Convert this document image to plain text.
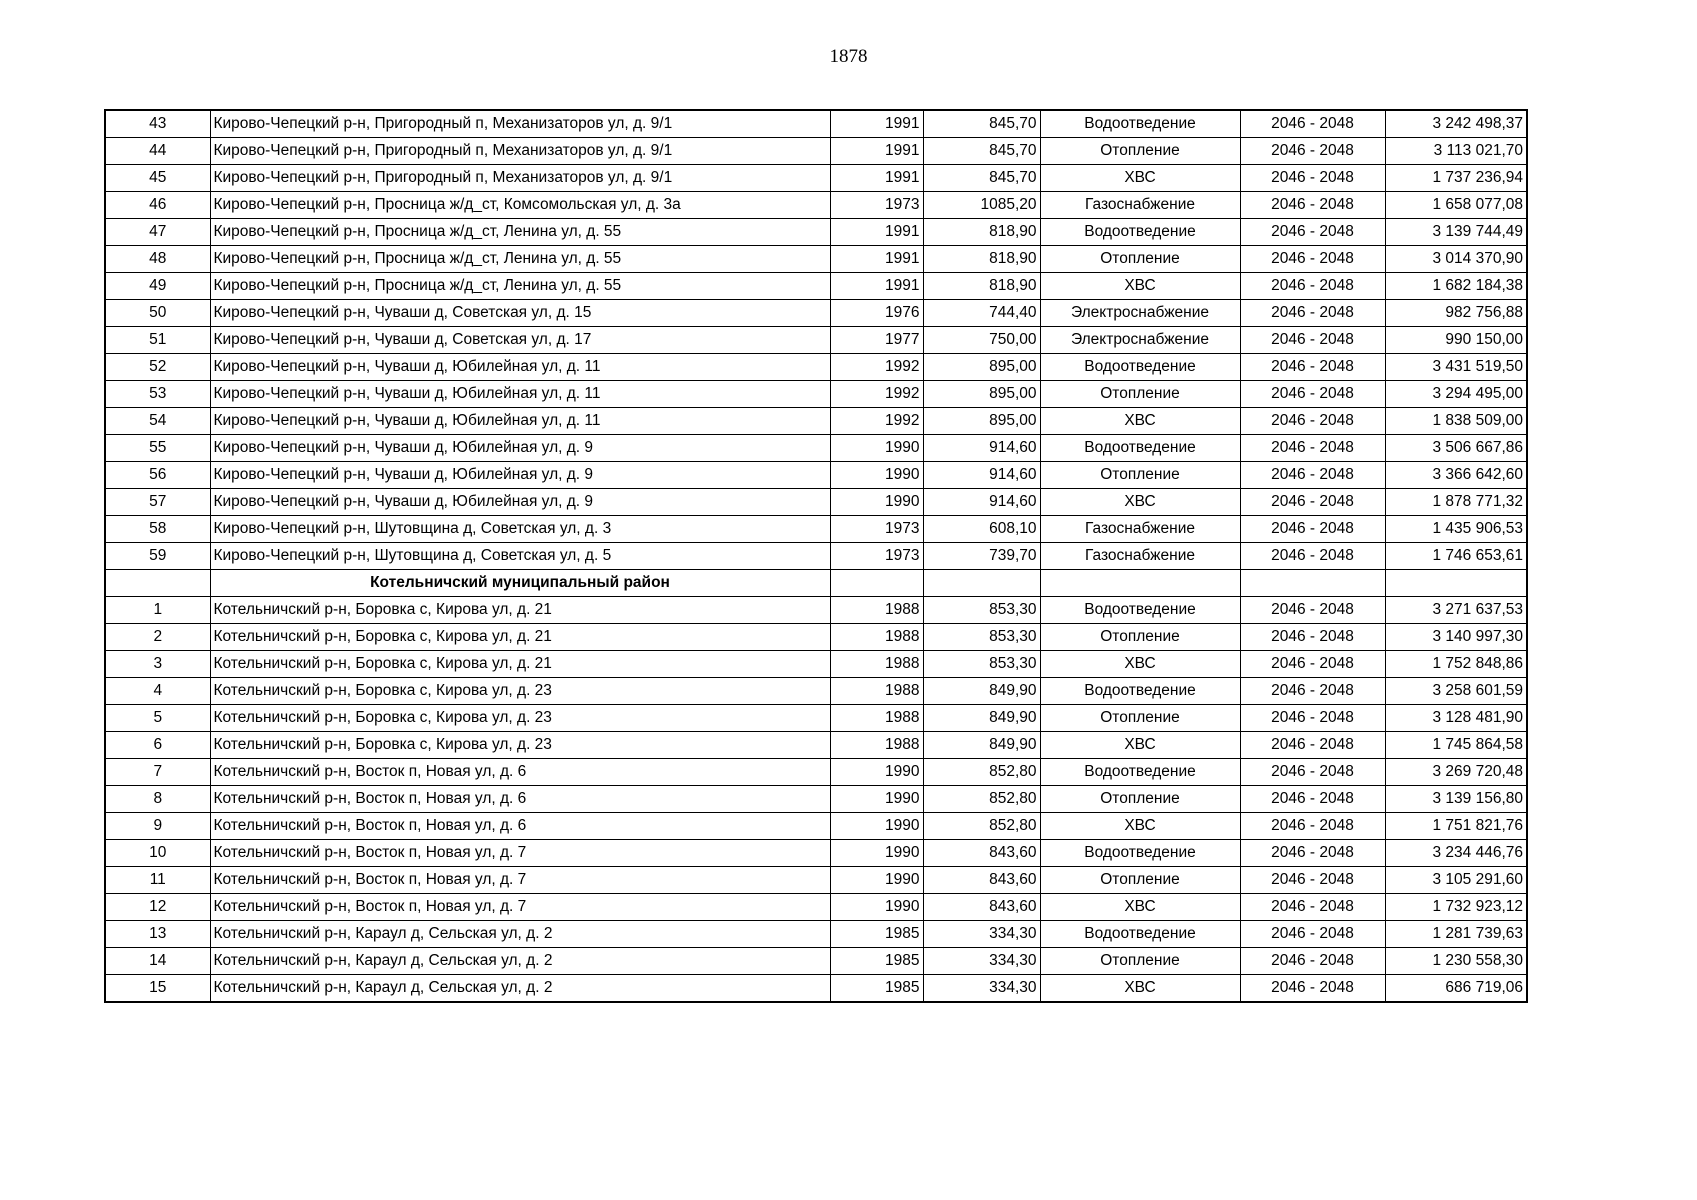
1878
43	Кирово-Чепецкий р-н, Пригородный п, Механизаторов ул, д. 9/1	1991	845,70	Водоотведение	2046 - 2048	3 242 498,37
44	Кирово-Чепецкий р-н, Пригородный п, Механизаторов ул, д. 9/1	1991	845,70	Отопление	2046 - 2048	3 113 021,70
45	Кирово-Чепецкий р-н, Пригородный п, Механизаторов ул, д. 9/1	1991	845,70	ХВС	2046 - 2048	1 737 236,94
46	Кирово-Чепецкий р-н, Просница ж/д_ст, Комсомольская ул, д. 3а	1973	1085,20	Газоснабжение	2046 - 2048	1 658 077,08
47	Кирово-Чепецкий р-н, Просница ж/д_ст, Ленина ул, д. 55	1991	818,90	Водоотведение	2046 - 2048	3 139 744,49
48	Кирово-Чепецкий р-н, Просница ж/д_ст, Ленина ул, д. 55	1991	818,90	Отопление	2046 - 2048	3 014 370,90
49	Кирово-Чепецкий р-н, Просница ж/д_ст, Ленина ул, д. 55	1991	818,90	ХВС	2046 - 2048	1 682 184,38
50	Кирово-Чепецкий р-н, Чуваши д, Советская ул, д. 15	1976	744,40	Электроснабжение	2046 - 2048	982 756,88
51	Кирово-Чепецкий р-н, Чуваши д, Советская ул, д. 17	1977	750,00	Электроснабжение	2046 - 2048	990 150,00
52	Кирово-Чепецкий р-н, Чуваши д, Юбилейная ул, д. 11	1992	895,00	Водоотведение	2046 - 2048	3 431 519,50
53	Кирово-Чепецкий р-н, Чуваши д, Юбилейная ул, д. 11	1992	895,00	Отопление	2046 - 2048	3 294 495,00
54	Кирово-Чепецкий р-н, Чуваши д, Юбилейная ул, д. 11	1992	895,00	ХВС	2046 - 2048	1 838 509,00
55	Кирово-Чепецкий р-н, Чуваши д, Юбилейная ул, д. 9	1990	914,60	Водоотведение	2046 - 2048	3 506 667,86
56	Кирово-Чепецкий р-н, Чуваши д, Юбилейная ул, д. 9	1990	914,60	Отопление	2046 - 2048	3 366 642,60
57	Кирово-Чепецкий р-н, Чуваши д, Юбилейная ул, д. 9	1990	914,60	ХВС	2046 - 2048	1 878 771,32
58	Кирово-Чепецкий р-н, Шутовщина д, Советская ул, д. 3	1973	608,10	Газоснабжение	2046 - 2048	1 435 906,53
59	Кирово-Чепецкий р-н, Шутовщина д, Советская ул, д. 5	1973	739,70	Газоснабжение	2046 - 2048	1 746 653,61
	Котельничский муниципальный район					
1	Котельничский р-н, Боровка с, Кирова ул, д. 21	1988	853,30	Водоотведение	2046 - 2048	3 271 637,53
2	Котельничский р-н, Боровка с, Кирова ул, д. 21	1988	853,30	Отопление	2046 - 2048	3 140 997,30
3	Котельничский р-н, Боровка с, Кирова ул, д. 21	1988	853,30	ХВС	2046 - 2048	1 752 848,86
4	Котельничский р-н, Боровка с, Кирова ул, д. 23	1988	849,90	Водоотведение	2046 - 2048	3 258 601,59
5	Котельничский р-н, Боровка с, Кирова ул, д. 23	1988	849,90	Отопление	2046 - 2048	3 128 481,90
6	Котельничский р-н, Боровка с, Кирова ул, д. 23	1988	849,90	ХВС	2046 - 2048	1 745 864,58
7	Котельничский р-н, Восток п, Новая ул, д. 6	1990	852,80	Водоотведение	2046 - 2048	3 269 720,48
8	Котельничский р-н, Восток п, Новая ул, д. 6	1990	852,80	Отопление	2046 - 2048	3 139 156,80
9	Котельничский р-н, Восток п, Новая ул, д. 6	1990	852,80	ХВС	2046 - 2048	1 751 821,76
10	Котельничский р-н, Восток п, Новая ул, д. 7	1990	843,60	Водоотведение	2046 - 2048	3 234 446,76
11	Котельничский р-н, Восток п, Новая ул, д. 7	1990	843,60	Отопление	2046 - 2048	3 105 291,60
12	Котельничский р-н, Восток п, Новая ул, д. 7	1990	843,60	ХВС	2046 - 2048	1 732 923,12
13	Котельничский р-н, Караул д, Сельская ул, д. 2	1985	334,30	Водоотведение	2046 - 2048	1 281 739,63
14	Котельничский р-н, Караул д, Сельская ул, д. 2	1985	334,30	Отопление	2046 - 2048	1 230 558,30
15	Котельничский р-н, Караул д, Сельская ул, д. 2	1985	334,30	ХВС	2046 - 2048	686 719,06
